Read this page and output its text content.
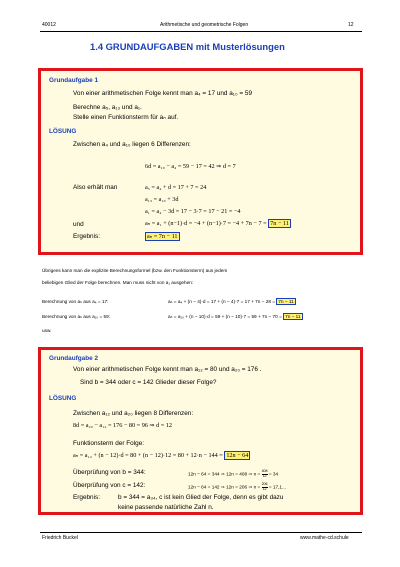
40012	Arithmetische und geometrische Folgen	12
1.4 GRUNDAUFGABEN mit Musterlösungen
Grundaufgabe 1
Von einer arithmetischen Folge kennt man a₄ = 17 und a₁₀ = 59
Berechne a₅, a₁₃ und a₁.
Stelle einen Funktionsterm für aₙ auf.
LÖSUNG
Zwischen a₄ und a₁₀ liegen 6 Differenzen:
6d = a₁₀ − a₄ = 59 − 17 = 42 ⇒ d = 7
Also erhält man	a₅ = a₄ + d = 17 + 7 = 24
a₁₃ = a₁₀ + 3d
a₁ = a₄ − 3d = 17 − 3·7 = 17 − 21 = −4
und	aₙ = a₁ + (n−1)·d = −4 + (n−1)·7 = −4 + 7n − 7 = 7n − 11
Ergebnis:	aₙ = 7n − 11
Übrigens kann man die explizite Berechnungsformel (bzw. den Funktionsterm) aus jedem
beliebigen Glied der Folge berechnen. Man muss nicht von a₁ ausgehen:
Berechnung von aₙ aus a₄ = 17:	aₙ = a₄ + (n − 4)·d = 17 + (n − 4)·7 = 17 + 7n − 28 = 7n − 11
Berechnung von aₙ aus a₁₀ = 59:	aₙ = a₁₀ + (n − 10)·d = 59 + (n − 10)·7 = 59 + 7n − 70 = 7n − 11
usw.
Grundaufgabe 2
Von einer arithmetischen Folge kennt man a₁₂ = 80 und a₂₀ = 176 .
Sind b = 344 oder c = 142 Glieder dieser Folge?
LÖSUNG
Zwischen a₁₂ und a₂₀ liegen 8 Differenzen:
8d = a₂₀ − a₁₂ = 176 − 80 = 96 ⇒ d = 12
Funktionsterm der Folge:
aₙ = a₁₂ + (n − 12)·d = 80 + (n − 12)·12 = 80 + 12·n − 144 = 12n − 64
Überprüfung von b = 344:	12n − 64 = 344 ⇒ 12n = 408 ⇒ $n = \frac{408}{12} = 34$
Überprüfung von c = 142:	12n − 64 = 142 ⇒ 12n = 206 ⇒ $n = \frac{206}{12} = 17,1$...
Ergebnis:	b = 344 = a₃₄, c ist kein Glied der Folge, denn es gibt dazu
keine passende natürliche Zahl n.
Friedrich Buckel	www.mathe-cd.schule
